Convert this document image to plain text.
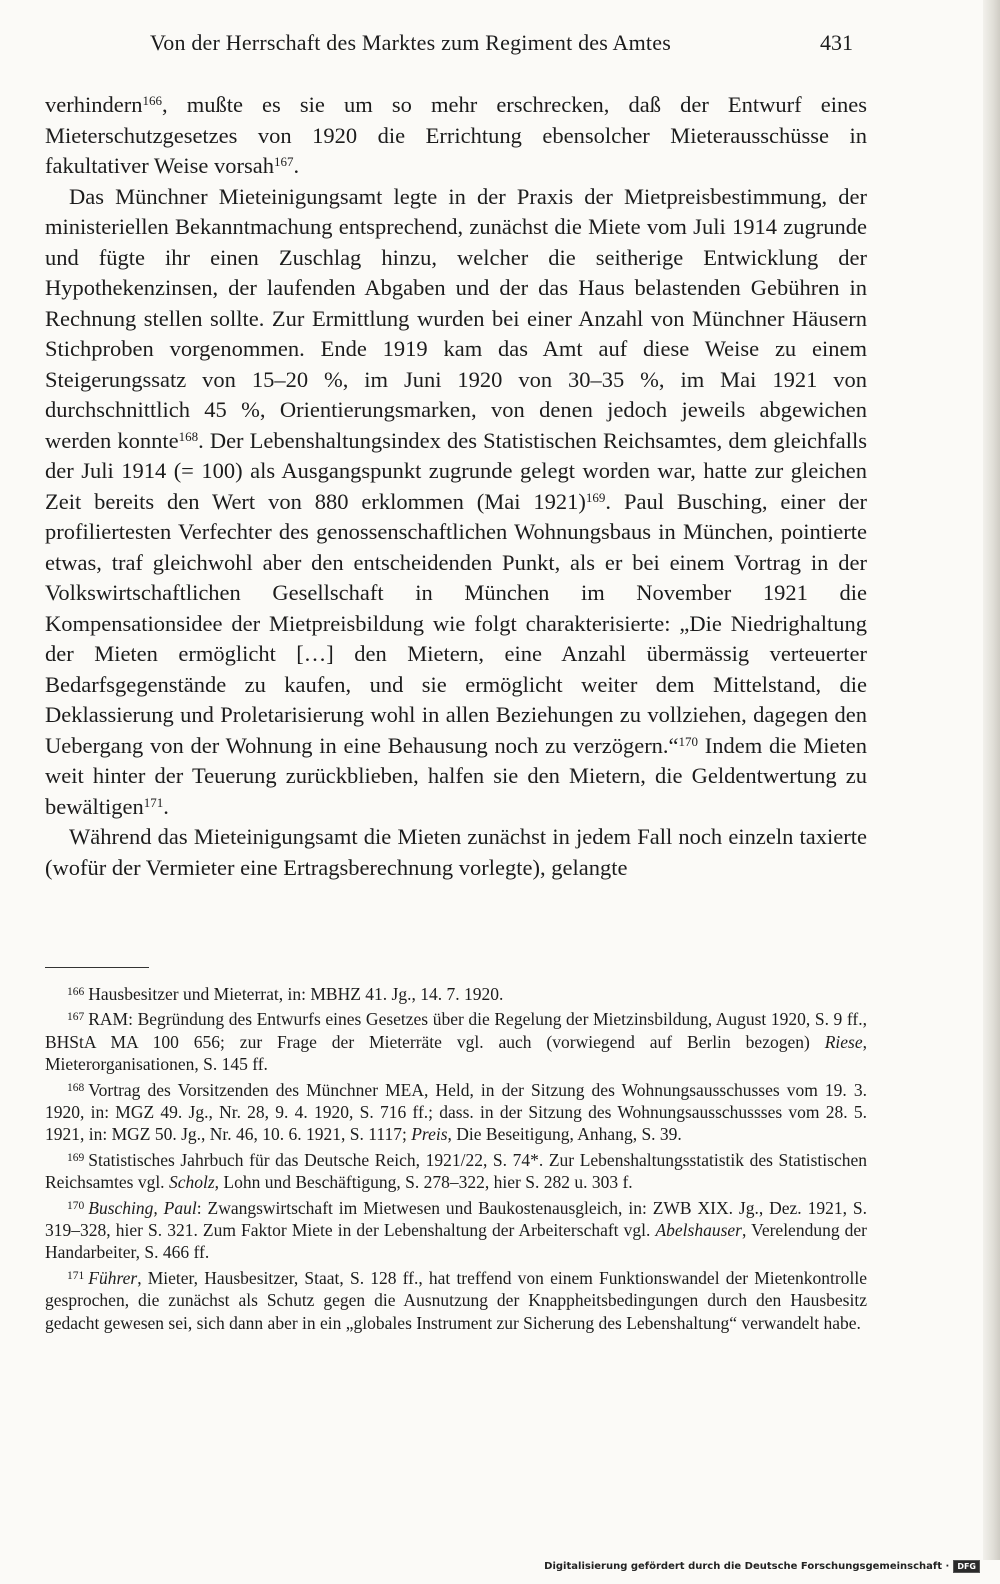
Von der Herrschaft des Marktes zum Regiment des Amtes	431

verhindern$^{166}$, mußte es sie um so mehr erschrecken, daß der Entwurf eines Mieterschutzgesetzes von 1920 die Errichtung ebensolcher Mieterausschüsse in fakultativer Weise vorsah$^{167}$.

Das Münchner Mieteinigungsamt legte in der Praxis der Mietpreisbestimmung, der ministeriellen Bekanntmachung entsprechend, zunächst die Miete vom Juli 1914 zugrunde und fügte ihr einen Zuschlag hinzu, welcher die seitherige Entwicklung der Hypothekenzinsen, der laufenden Abgaben und der das Haus belastenden Gebühren in Rechnung stellen sollte. Zur Ermittlung wurden bei einer Anzahl von Münchner Häusern Stichproben vorgenommen. Ende 1919 kam das Amt auf diese Weise zu einem Steigerungssatz von 15–20 %, im Juni 1920 von 30–35 %, im Mai 1921 von durchschnittlich 45 %, Orientierungsmarken, von denen jedoch jeweils abgewichen werden konnte$^{168}$. Der Lebenshaltungsindex des Statistischen Reichsamtes, dem gleichfalls der Juli 1914 (= 100) als Ausgangspunkt zugrunde gelegt worden war, hatte zur gleichen Zeit bereits den Wert von 880 erklommen (Mai 1921)$^{169}$. Paul Busching, einer der profiliertesten Verfechter des genossenschaftlichen Wohnungsbaus in München, pointierte etwas, traf gleichwohl aber den entscheidenden Punkt, als er bei einem Vortrag in der Volkswirtschaftlichen Gesellschaft in München im November 1921 die Kompensationsidee der Mietpreisbildung wie folgt charakterisierte: „Die Niedrighaltung der Mieten ermöglicht […] den Mietern, eine Anzahl übermässig verteuerter Bedarfsgegenstände zu kaufen, und sie ermöglicht weiter dem Mittelstand, die Deklassierung und Proletarisierung wohl in allen Beziehungen zu vollziehen, dagegen den Uebergang von der Wohnung in eine Behausung noch zu verzögern.“$^{170}$ Indem die Mieten weit hinter der Teuerung zurückblieben, halfen sie den Mietern, die Geldentwertung zu bewältigen$^{171}$.

Während das Mieteinigungsamt die Mieten zunächst in jedem Fall noch einzeln taxierte (wofür der Vermieter eine Ertragsberechnung vorlegte), gelangte

$^{166}$ Hausbesitzer und Mieterrat, in: MBHZ 41. Jg., 14. 7. 1920.

$^{167}$ RAM: Begründung des Entwurfs eines Gesetzes über die Regelung der Mietzinsbildung, August 1920, S. 9 ff., BHStA MA 100 656; zur Frage der Mieterräte vgl. auch (vorwiegend auf Berlin bezogen) Riese, Mieterorganisationen, S. 145 ff.

$^{168}$ Vortrag des Vorsitzenden des Münchner MEA, Held, in der Sitzung des Wohnungsausschusses vom 19. 3. 1920, in: MGZ 49. Jg., Nr. 28, 9. 4. 1920, S. 716 ff.; dass. in der Sitzung des Wohnungsausschussses vom 28. 5. 1921, in: MGZ 50. Jg., Nr. 46, 10. 6. 1921, S. 1117; Preis, Die Beseitigung, Anhang, S. 39.

$^{169}$ Statistisches Jahrbuch für das Deutsche Reich, 1921/22, S. 74*. Zur Lebenshaltungsstatistik des Statistischen Reichsamtes vgl. Scholz, Lohn und Beschäftigung, S. 278–322, hier S. 282 u. 303 f.

$^{170}$ Busching, Paul: Zwangswirtschaft im Mietwesen und Baukostenausgleich, in: ZWB XIX. Jg., Dez. 1921, S. 319–328, hier S. 321. Zum Faktor Miete in der Lebenshaltung der Arbeiterschaft vgl. Abelshauser, Verelendung der Handarbeiter, S. 466 ff.

$^{171}$ Führer, Mieter, Hausbesitzer, Staat, S. 128 ff., hat treffend von einem Funktionswandel der Mietenkontrolle gesprochen, die zunächst als Schutz gegen die Ausnutzung der Knappheitsbedingungen durch den Hausbesitz gedacht gewesen sei, sich dann aber in ein „globales Instrument zur Sicherung des Lebenshaltung“ verwandelt habe.

Digitalisierung gefördert durch die Deutsche Forschungsgemeinschaft ·	DFG
